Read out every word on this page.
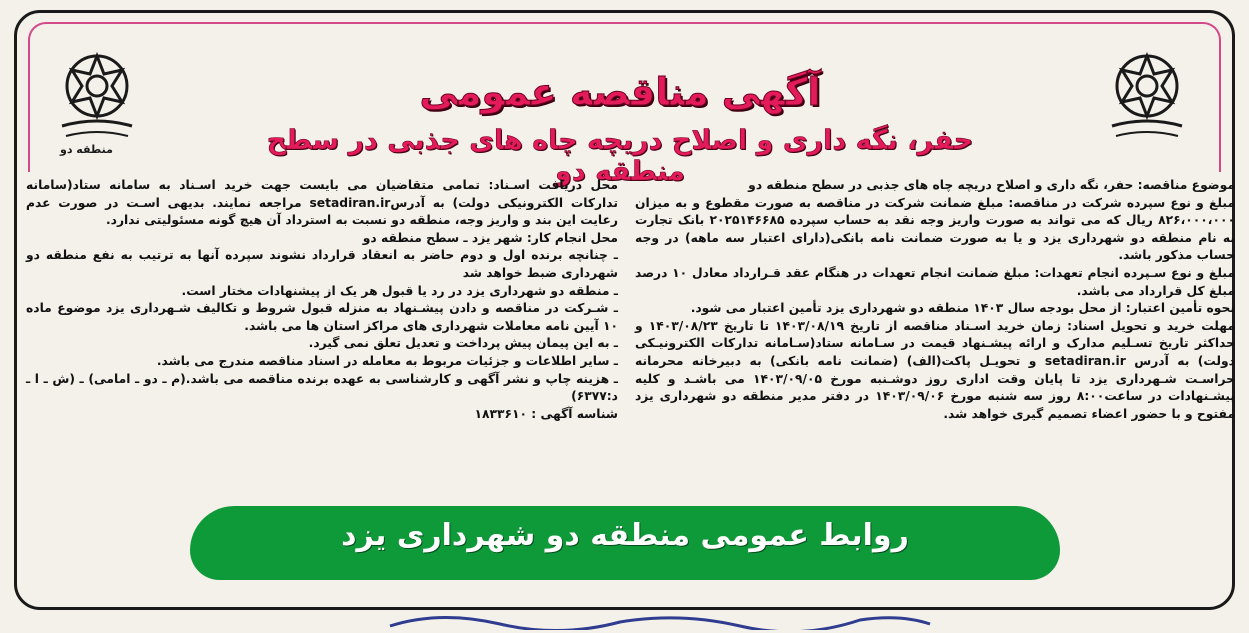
منطقه دو
آگهی مناقصه عمومی
حفر، نگه داری و اصلاح دریچه چاه های جذبی در سطح منطقه دو	موضوع مناقصه: حفر، نگه داری و اصلاح دریچه چاه های جذبی در سطح منطقه دو

مبلغ و نوع سپرده شرکت در مناقصه: مبلغ ضمانت شرکت در مناقصه به صورت مقطوع و به میزان ۸۲۶،۰۰۰،۰۰۰ ریال که می تواند به صورت واریز وجه نقد به حساب سپرده ۲۰۲۵۱۴۶۶۸۵ بانک تجارت به نام منطقه دو شهرداری یزد و یا به صورت ضمانت نامه بانکی(دارای اعتبار سه ماهه) در وجه حساب مذکور باشد.

مبلغ و نوع سـپرده انجام تعهدات: مبلغ ضمانت انجام تعهدات در هنگام عقد قـرارداد معادل ۱۰ درصد مبلغ کل قرارداد می باشد.

نحوه تأمین اعتبار: از محل بودجه سال ۱۴۰۳ منطقه دو شهرداری یزد تأمین اعتبار می شود.

مهلت خرید و تحویل اسناد: زمان خرید اسـناد مناقصه از تاریخ ۱۴۰۳/۰۸/۱۹ تا تاریخ ۱۴۰۳/۰۸/۲۳ و حداکثر تاریخ تسـلیم مدارک و ارائه پیشـنهاد قیمت در سـامانه ستاد(سـامانه تدارکات الکترونیـکی دولت) به آدرس setadiran.ir و تحویـل پاکت(الف) (ضمانت نامه بانکی) به دبیرخانه محرمانه حراسـت شـهرداری یزد تا پایان وقت اداری روز دوشـنبه مورخ ۱۴۰۳/۰۹/۰۵ می باشـد و کلیه پیشـنهادات در ساعت۸:۰۰ روز سه شنبه مورخ ۱۴۰۳/۰۹/۰۶ در دفتر مدیر منطقه دو شهرداری یزد مفتوح و با حضور اعضاء تصمیم گیری خواهد شد.

محل دریافت اسـناد: تمامی متقاضیان می بایست جهت خرید اسـناد به سامانه ستاد(سامانه تدارکات الکترونیکی دولت) به آدرسsetadiran.ir مراجعه نمایند. بدیهی اسـت در صورت عدم رعایت این بند و واریز وجه، منطقه دو نسبت به استرداد آن هیچ گونه مسئولیتی ندارد.

محل انجام کار: شهر یزد ـ سطح منطقه دو

ـ چنانچه برنده اول و دوم حاضر به انعقاد قرارداد نشوند سپرده آنها به ترتیب به نفع منطقه دو شهرداری ضبط خواهد شد

ـ منطقه دو شهرداری یزد در رد یا قبول هر یک از پیشنهادات مختار است.

ـ شـرکت در مناقصه و دادن پیشـنهاد به منزله قبول شروط و تکالیف شـهرداری یزد موضوع ماده ۱۰ آیین نامه معاملات شهرداری های مراکز استان ها می باشد.

ـ به این پیمان پیش پرداخت و تعدیل تعلق نمی گیرد.

ـ سایر اطلاعات و جزئیات مربوط به معامله در اسناد مناقصه مندرج می باشد.

ـ هزینه چاپ و نشر آگهی و کارشناسی به عهده برنده مناقصه می باشد.(م ـ دو ـ امامی) ـ (ش ـ ا ـ د:۶۳۷۷)

شناسه آگهی : ۱۸۳۳۶۱۰

روابط عمومی منطقه دو شهرداری یزد
